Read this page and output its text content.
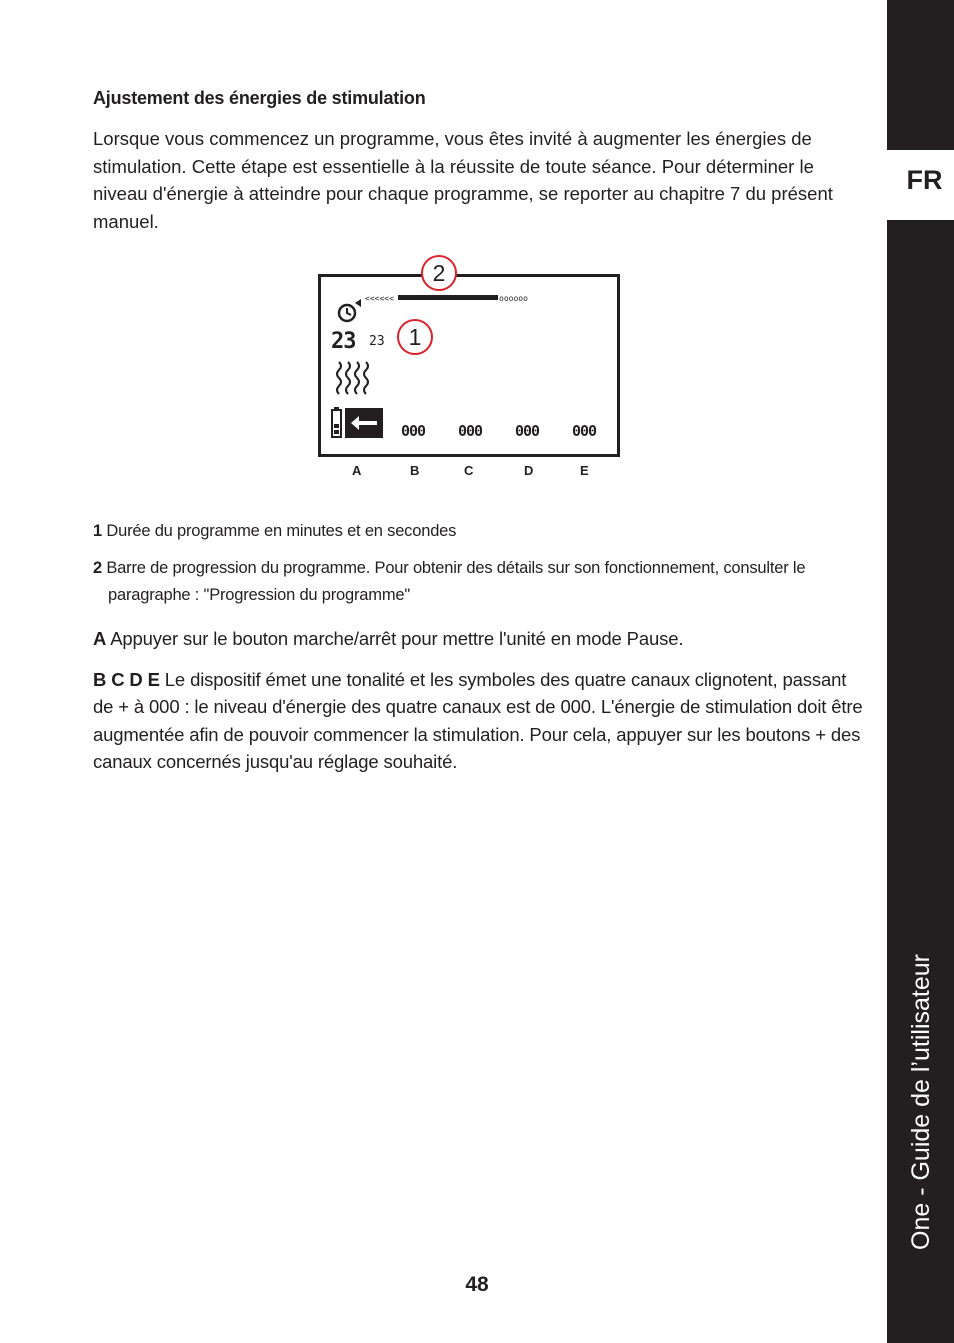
Ajustement des énergies de stimulation

Lorsque vous commencez un programme, vous êtes invité à augmenter les énergies de stimulation. Cette étape est essentielle à la réussite de toute séance. Pour déterminer le niveau d'énergie à atteindre pour chaque programme, se reporter au chapitre 7 du présent manuel.

<<<<<<	oooooo
23 23
000 000 000 000
2
1
A	B	C	D	E

1 Durée du programme en minutes et en secondes

2 Barre de progression du programme. Pour obtenir des détails sur son fonctionnement, consulter le paragraphe : "Progression du programme"

A Appuyer sur le bouton marche/arrêt pour mettre l'unité en mode Pause.

B C D E Le dispositif émet une tonalité et les symboles des quatre canaux clignotent, passant de + à 000 : le niveau d'énergie des quatre canaux est de 000. L'énergie de stimulation doit être augmentée afin de pouvoir commencer la stimulation. Pour cela, appuyer sur les boutons + des canaux concernés jusqu'au réglage souhaité.

FR
One - Guide de l’utilisateur
48
